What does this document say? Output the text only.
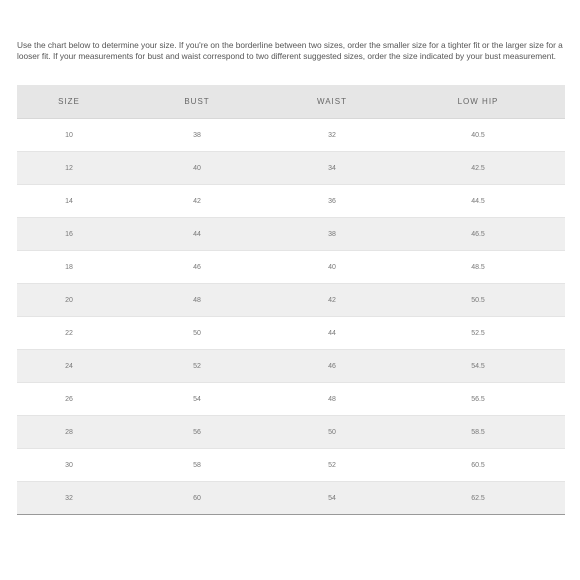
Use the chart below to determine your size. If you're on the borderline between two sizes, order the smaller size for a tighter fit or the larger size for a looser fit. If your measurements for bust and waist correspond to two different suggested sizes, order the size indicated by your bust measurement.

SIZE	BUST	WAIST	LOW HIP
10	38	32	40.5
12	40	34	42.5
14	42	36	44.5
16	44	38	46.5
18	46	40	48.5
20	48	42	50.5
22	50	44	52.5
24	52	46	54.5
26	54	48	56.5
28	56	50	58.5
30	58	52	60.5
32	60	54	62.5
